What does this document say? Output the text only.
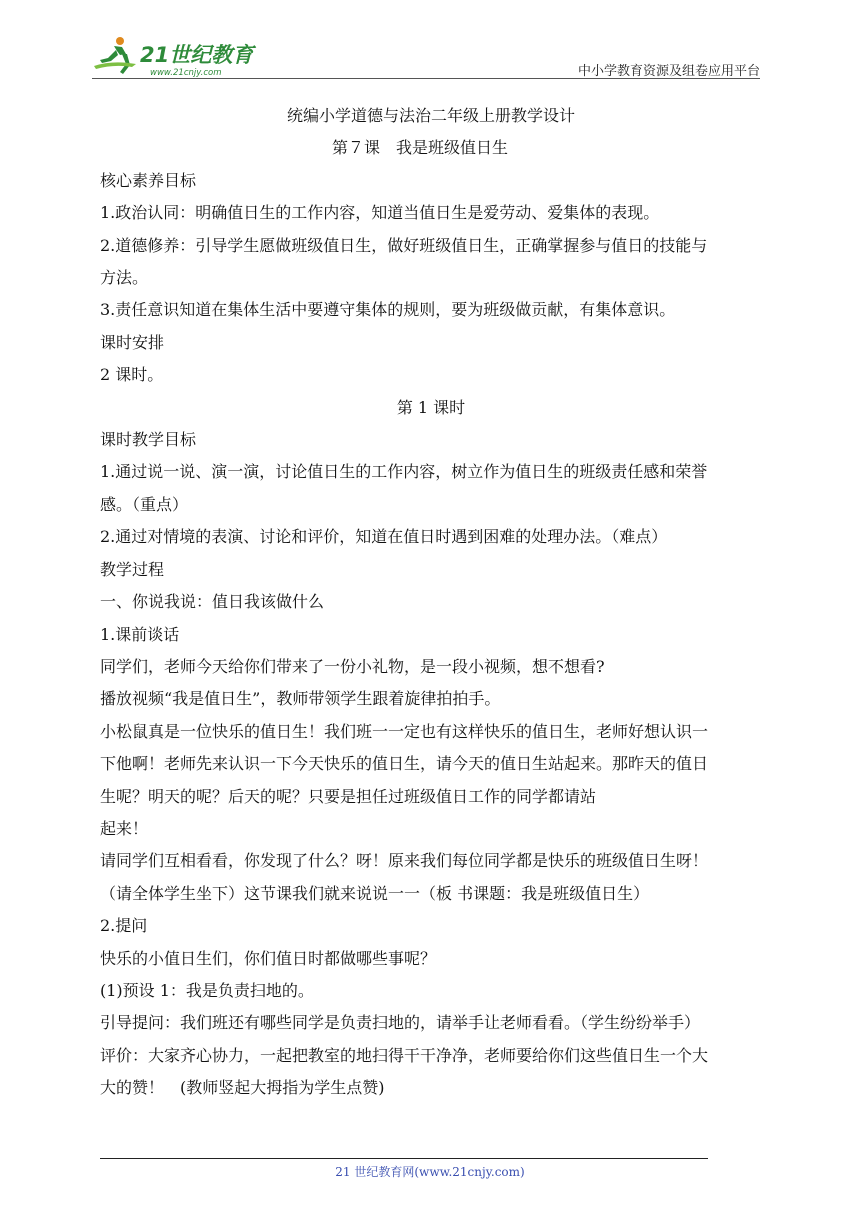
21世纪教育
www.21cnjy.com	中小学教育资源及组卷应用平台
统编小学道德与法治二年级上册教学设计
第７课　我是班级值日生
核心素养目标
1.政治认同：明确值日生的工作内容，知道当值日生是爱劳动、爱集体的表现。
2.道德修养：引导学生愿做班级值日生，做好班级值日生，正确掌握参与值日的技能与
方法。
3.责任意识知道在集体生活中要遵守集体的规则，要为班级做贡献，有集体意识。
课时安排
2 课时。
第 1 课时
课时教学目标
1.通过说一说、演一演，讨论值日生的工作内容，树立作为值日生的班级责任感和荣誉
感。（重点）
2.通过对情境的表演、讨论和评价，知道在值日时遇到困难的处理办法。（难点）
教学过程
一、你说我说：值日我该做什么
1.课前谈话
同学们，老师今天给你们带来了一份小礼物，是一段小视频，想不想看?
播放视频“我是值日生”，教师带领学生跟着旋律拍拍手。
小松鼠真是一位快乐的值日生！我们班一一定也有这样快乐的值日生，老师好想认识一
下他啊！老师先来认识一下今天快乐的值日生，请今天的值日生站起来。那昨天的值日
生呢？明天的呢？后天的呢？只要是担任过班级值日工作的同学都请站
起来！
请同学们互相看看，你发现了什么？呀！原来我们每位同学都是快乐的班级值日生呀！
（请全体学生坐下）这节课我们就来说说一一（板 书课题：我是班级值日生）
2.提问
快乐的小值日生们，你们值日时都做哪些事呢？
(1)预设 1：我是负责扫地的。
引导提问：我们班还有哪些同学是负责扫地的，请举手让老师看看。（学生纷纷举手）
评价：大家齐心协力，一起把教室的地扫得干干净净，老师要给你们这些值日生一个大
大的赞！　(教师竖起大拇指为学生点赞)
21 世纪教育网(www.21cnjy.com)
